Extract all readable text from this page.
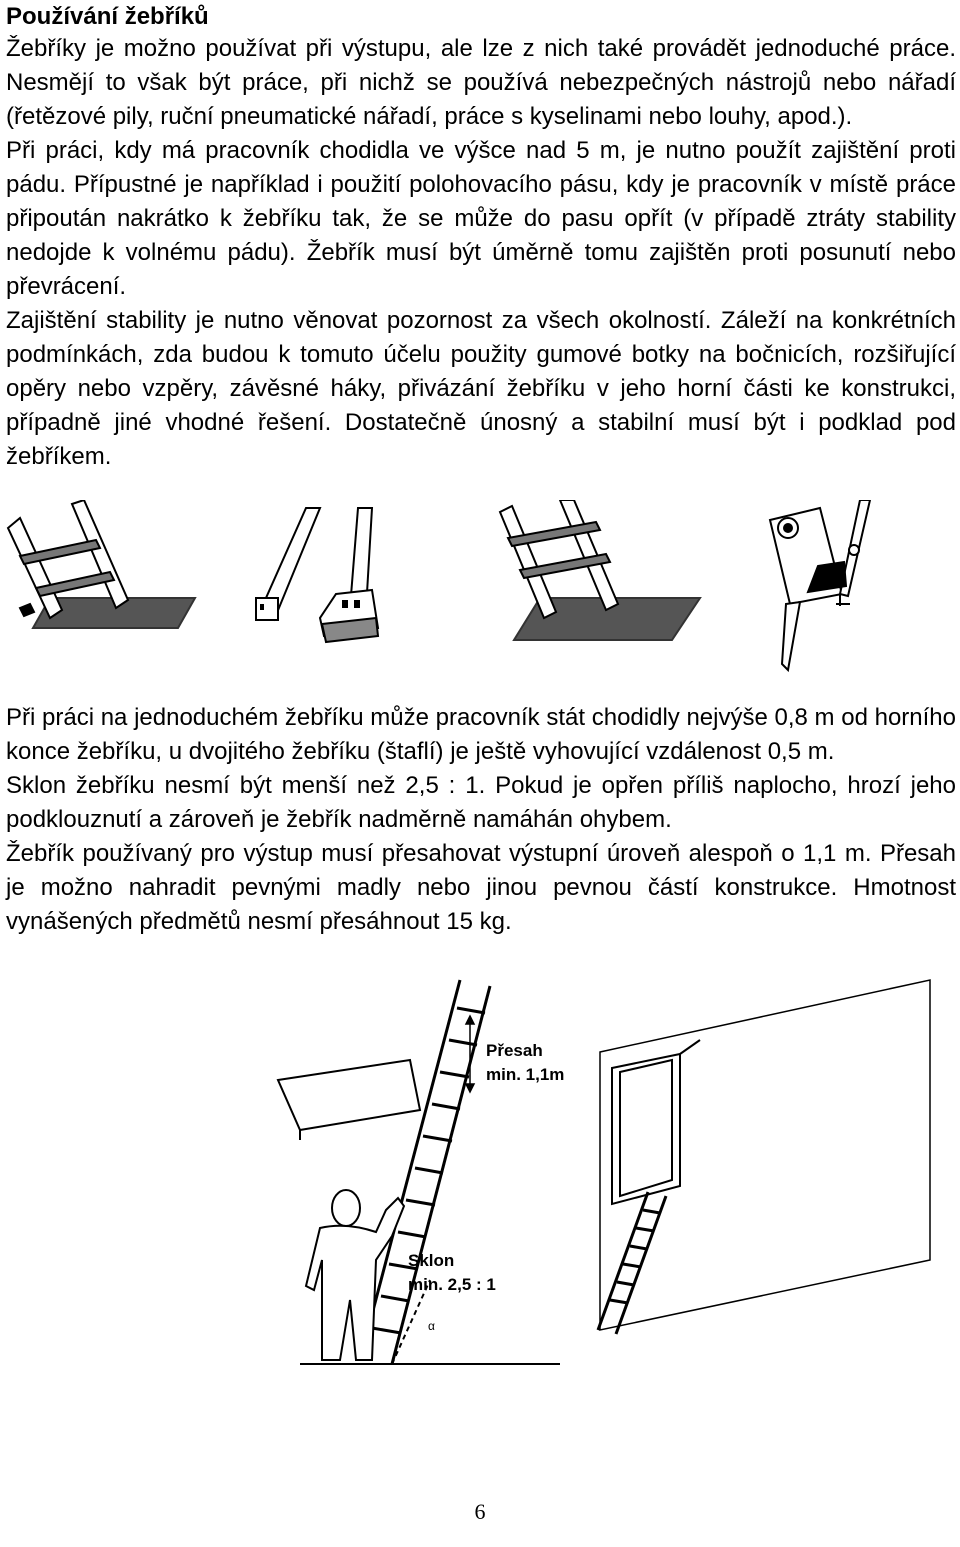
Používání žebříků

Žebříky je možno používat při výstupu, ale lze z nich také provádět jednoduché práce. Nesmějí to však být práce, při nichž se používá nebezpečných nástrojů nebo nářadí (řetězové pily, ruční pneumatické nářadí, práce s kyselinami nebo louhy, apod.).

Při práci, kdy má pracovník chodidla ve výšce nad 5 m, je nutno použít zajištění proti pádu. Přípustné je například i použití polohovacího pásu, kdy je pracovník v místě práce připoután nakrátko k žebříku tak, že se může do pasu opřít (v případě ztráty stability nedojde k volnému pádu). Žebřík musí být úměrně tomu zajištěn proti posunutí nebo převrácení.

Zajištění stability je nutno věnovat pozornost za všech okolností. Záleží na konkrétních podmínkách, zda budou k tomuto účelu použity gumové botky na bočnicích, rozšiřující opěry nebo vzpěry, závěsné háky, přivázání žebříku v jeho horní části ke konstrukci, případně jiné vhodné řešení. Dostatečně únosný a stabilní musí být i podklad pod žebříkem.

Při práci na jednoduchém žebříku může pracovník stát chodidly nejvýše 0,8 m od horního konce žebříku, u dvojitého žebříku (štaflí) je ještě vyhovující vzdálenost 0,5 m.

Sklon žebříku nesmí být menší než 2,5 : 1. Pokud je opřen příliš naplocho, hrozí jeho podklouznutí a zároveň je žebřík nadměrně namáhán ohybem.

Žebřík používaný pro výstup musí přesahovat výstupní úroveň alespoň o 1,1 m. Přesah je možno nahradit pevnými madly nebo jinou pevnou částí konstrukce. Hmotnost vynášených předmětů nesmí přesáhnout 15 kg.

Přesah
min. 1,1m
Sklon
min. 2,5 : 1
α
6
